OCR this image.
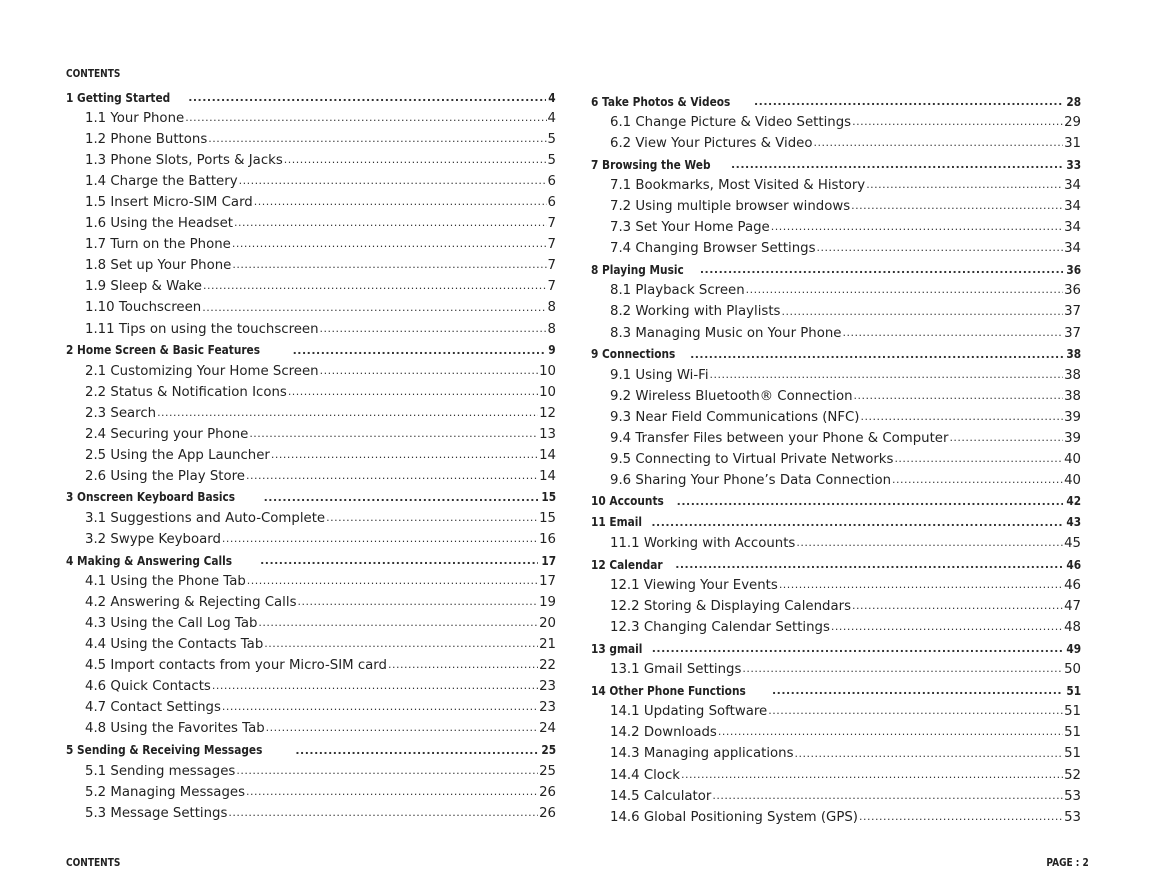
CONTENTS
1 Getting Started .....	4
1.1 Your Phone .....	4
1.2 Phone Buttons .....	5
1.3 Phone Slots, Ports & Jacks .....	5
1.4 Charge the Battery .....	6
1.5 Insert Micro-SIM Card .....	6
1.6 Using the Headset .....	7
1.7 Turn on the Phone .....	7
1.8 Set up Your Phone .....	7
1.9 Sleep & Wake .....	7
1.10 Touchscreen .....	8
1.11 Tips on using the touchscreen .....	8
2 Home Screen & Basic Features .....	9
2.1 Customizing Your Home Screen .....	10
2.2 Status & Notification Icons .....	10
2.3 Search .....	12
2.4 Securing your Phone .....	13
2.5 Using the App Launcher .....	14
2.6 Using the Play Store .....	14
3 Onscreen Keyboard Basics .....	15
3.1 Suggestions and Auto-Complete .....	15
3.2 Swype Keyboard .....	16
4 Making & Answering Calls .....	17
4.1 Using the Phone Tab .....	17
4.2 Answering & Rejecting Calls .....	19
4.3 Using the Call Log Tab .....	20
4.4 Using the Contacts Tab .....	21
4.5 Import contacts from your Micro-SIM card .....	22
4.6 Quick Contacts .....	23
4.7 Contact Settings .....	23
4.8 Using the Favorites Tab .....	24
5 Sending & Receiving Messages .....	25
5.1 Sending messages .....	25
5.2 Managing Messages .....	26
5.3 Message Settings .....	26
6 Take Photos & Videos .....	28
6.1 Change Picture & Video Settings .....	29
6.2 View Your Pictures & Video .....	31
7 Browsing the Web .....	33
7.1 Bookmarks, Most Visited & History .....	34
7.2 Using multiple browser windows .....	34
7.3 Set Your Home Page .....	34
7.4 Changing Browser Settings .....	34
8 Playing Music .....	36
8.1 Playback Screen .....	36
8.2 Working with Playlists .....	37
8.3 Managing Music on Your Phone .....	37
9 Connections .....	38
9.1 Using Wi-Fi .....	38
9.2 Wireless Bluetooth® Connection .....	38
9.3 Near Field Communications (NFC) .....	39
9.4 Transfer Files between your Phone & Computer .....	39
9.5 Connecting to Virtual Private Networks .....	40
9.6 Sharing Your Phone’s Data Connection .....	40
10 Accounts .....	42
11 Email .....	43
11.1 Working with Accounts .....	45
12 Calendar .....	46
12.1 Viewing Your Events .....	46
12.2 Storing & Displaying Calendars .....	47
12.3 Changing Calendar Settings .....	48
13 gmail .....	49
13.1 Gmail Settings .....	50
14 Other Phone Functions .....	51
14.1 Updating Software .....	51
14.2 Downloads .....	51
14.3 Managing applications .....	51
14.4 Clock .....	52
14.5 Calculator .....	53
14.6 Global Positioning System (GPS) .....	53
CONTENTS	PAGE : 2
